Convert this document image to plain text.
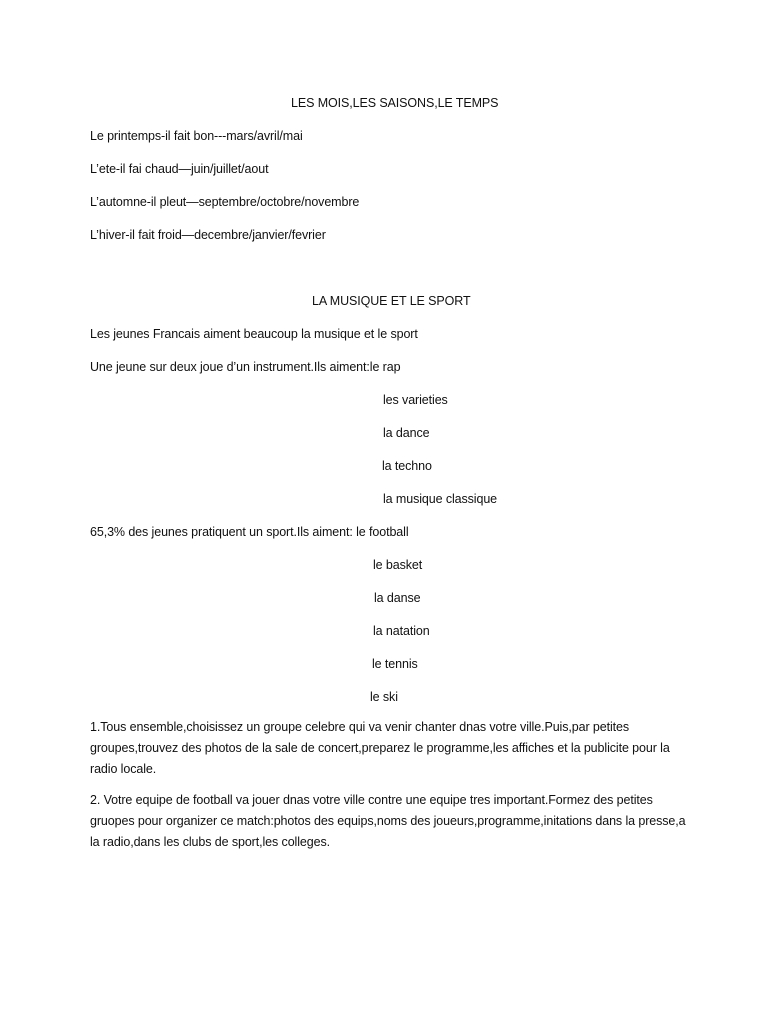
LES MOIS,LES SAISONS,LE TEMPS
Le printemps-il fait bon---mars/avril/mai
L’ete-il fai chaud—juin/juillet/aout
L’automne-il pleut—septembre/octobre/novembre
L’hiver-il fait froid—decembre/janvier/fevrier
LA MUSIQUE ET LE SPORT
Les jeunes Francais aiment beaucoup la musique et le sport
Une jeune sur deux joue d’un instrument.Ils aiment:le rap
les varieties
la dance
la techno
la musique classique
65,3% des jeunes pratiquent un sport.Ils aiment: le football
le basket
la danse
la natation
le tennis
le ski
1.Tous ensemble,choisissez un groupe celebre qui va venir chanter dnas votre ville.Puis,par petites groupes,trouvez des photos de la sale de concert,preparez le programme,les affiches et la publicite pour la radio locale.
2. Votre equipe de football va jouer dnas votre ville contre une equipe tres important.Formez des petites gruopes pour organizer ce match:photos des equips,noms des joueurs,programme,initations dans la presse,a la radio,dans les clubs de sport,les colleges.
